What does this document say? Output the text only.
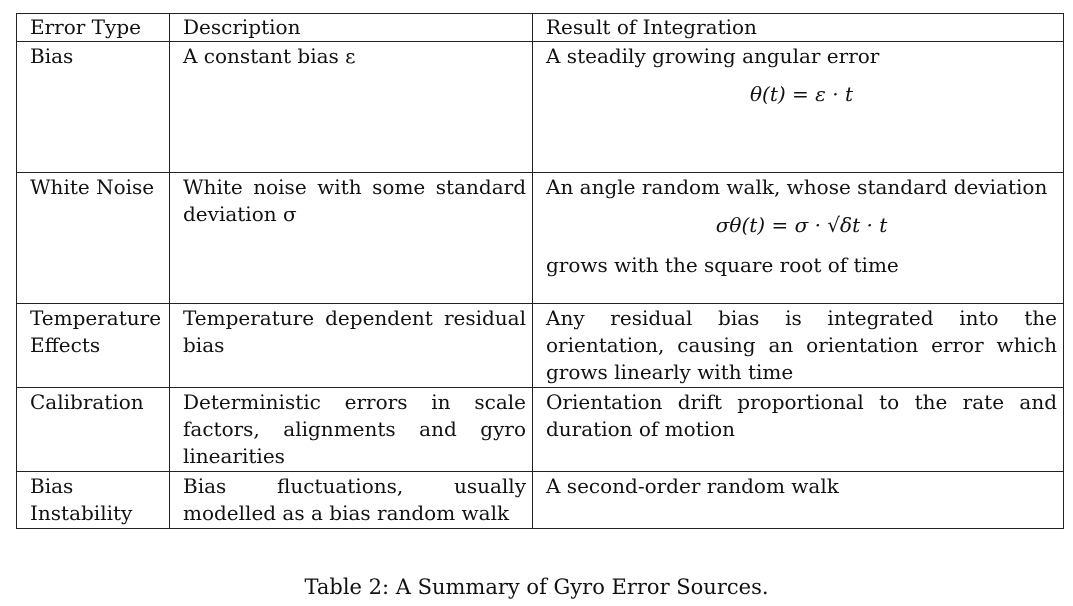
Error Type	Description	Result of Integration
Bias	A constant bias ε	A steadily growing angular error
θ(t) = ε · t

White Noise	White noise with some standard deviation σ	An angle random walk, whose standard deviation
σθ(t) = σ · √δt · t
grows with the square root of time
Temperature Effects	Temperature dependent residual bias	Any residual bias is integrated into the orientation, causing an orientation error which grows linearly with time
Calibration	Deterministic errors in scale factors, alignments and gyro linearities	Orientation drift proportional to the rate and duration of motion
Bias Instability	Bias fluctuations, usually modelled as a bias random walk	A second-order random walk
Table 2: A Summary of Gyro Error Sources.
